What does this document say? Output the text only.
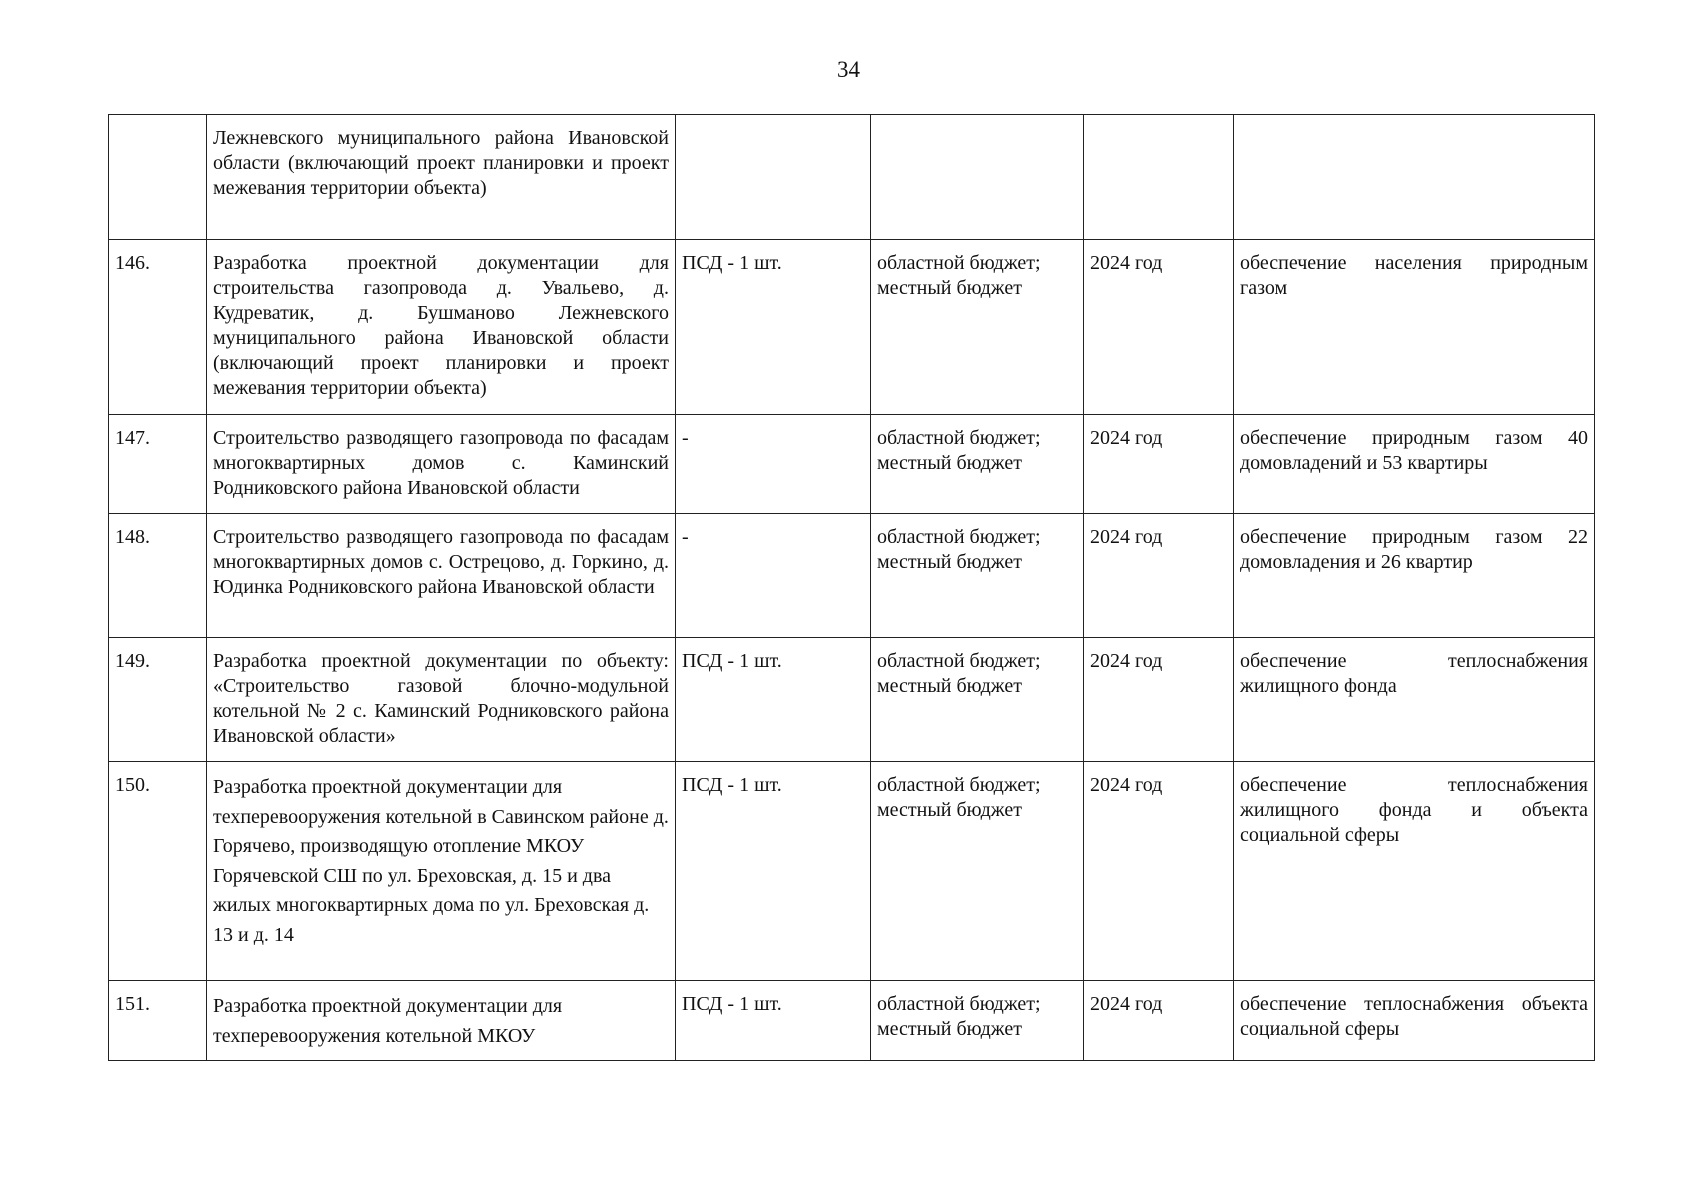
34
	Лежневского муниципального района Ивановской области (включающий проект планировки и проект межевания территории объекта)				
146.	Разработка проектной документации для строительства газопровода д. Увальево, д. Кудреватик, д. Бушманово Лежневского муниципального района Ивановской области (включающий проект планировки и проект межевания территории объекта)	ПСД - 1 шт.	областной бюджет; местный бюджет	2024 год	обеспечение населения природным газом
147.	Строительство разводящего газопровода по фасадам многоквартирных домов с. Каминский Родниковского района Ивановской области	-	областной бюджет; местный бюджет	2024 год	обеспечение природным газом 40 домовладений и 53 квартиры
148.	Строительство разводящего газопровода по фасадам многоквартирных домов с. Острецово, д. Горкино, д. Юдинка Родниковского района Ивановской области	-	областной бюджет; местный бюджет	2024 год	обеспечение природным газом 22 домовладения и 26 квартир
149.	Разработка проектной документации по объекту: «Строительство газовой блочно-модульной котельной № 2 с. Каминский Родниковского района Ивановской области»	ПСД - 1 шт.	областной бюджет; местный бюджет	2024 год	обеспечение теплоснабжения жилищного фонда
150.	Разработка проектной документации для техперевооружения котельной в Савинском районе д. Горячево, производящую отопление МКОУ Горячевской СШ по ул. Бреховская, д. 15 и два жилых многоквартирных дома по ул. Бреховская д. 13 и д. 14	ПСД - 1 шт.	областной бюджет; местный бюджет	2024 год	обеспечение теплоснабжения жилищного фонда и объекта социальной сферы
151.	Разработка проектной документации для техперевооружения котельной МКОУ	ПСД - 1 шт.	областной бюджет; местный бюджет	2024 год	обеспечение теплоснабжения объекта социальной сферы
